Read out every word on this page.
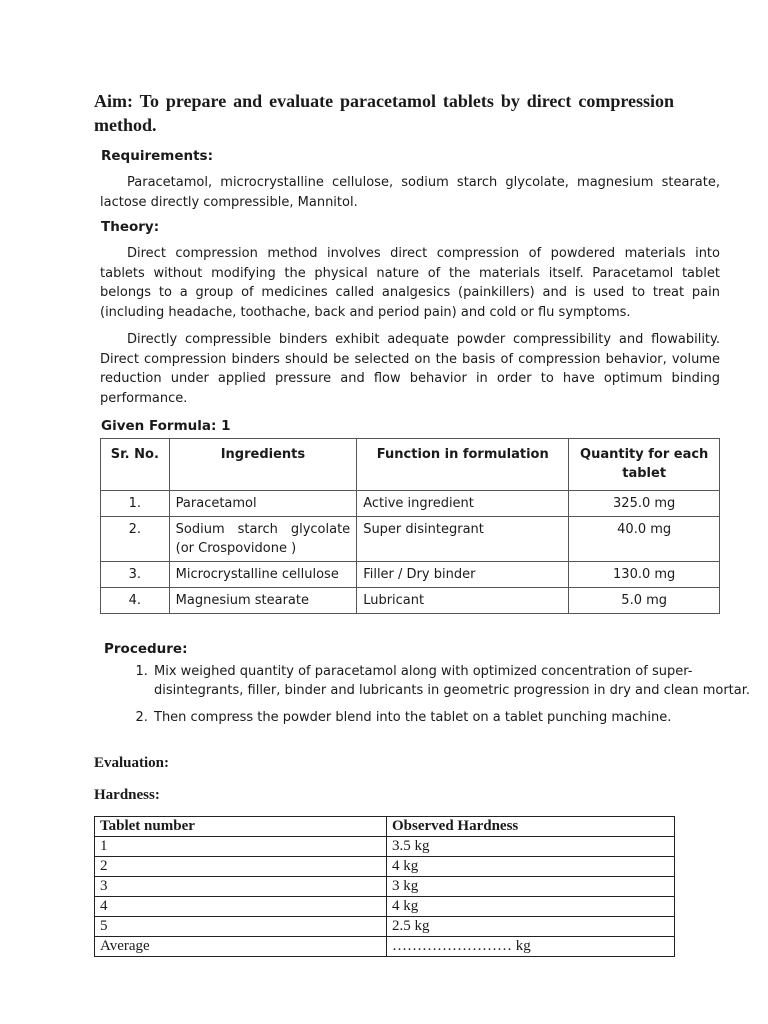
Aim: To prepare and evaluate paracetamol tablets by direct compression method.
Requirements:
Paracetamol, microcrystalline cellulose, sodium starch glycolate, magnesium stearate, lactose directly compressible, Mannitol.
Theory:
Direct compression method involves direct compression of powdered materials into tablets without modifying the physical nature of the materials itself. Paracetamol tablet belongs to a group of medicines called analgesics (painkillers) and is used to treat pain (including headache, toothache, back and period pain) and cold or flu symptoms.
Directly compressible binders exhibit adequate powder compressibility and flowability. Direct compression binders should be selected on the basis of compression behavior, volume reduction under applied pressure and flow behavior in order to have optimum binding performance.
Given Formula: 1
Sr. No.	Ingredients	Function in formulation	Quantity for each tablet
1.	Paracetamol	Active ingredient	325.0 mg
2.	Sodium starch glycolate (or Crospovidone )	Super disintegrant	40.0 mg
3.	Microcrystalline cellulose	Filler / Dry binder	130.0 mg
4.	Magnesium stearate	Lubricant	5.0 mg
Procedure:
1. Mix weighed quantity of paracetamol along with optimized concentration of super-disintegrants, filler, binder and lubricants in geometric progression in dry and clean mortar.
2. Then compress the powder blend into the tablet on a tablet punching machine.
Evaluation:
Hardness:
Tablet number	Observed Hardness
1	3.5 kg
2	4 kg
3	3 kg
4	4 kg
5	2.5 kg
Average	…………………… kg
